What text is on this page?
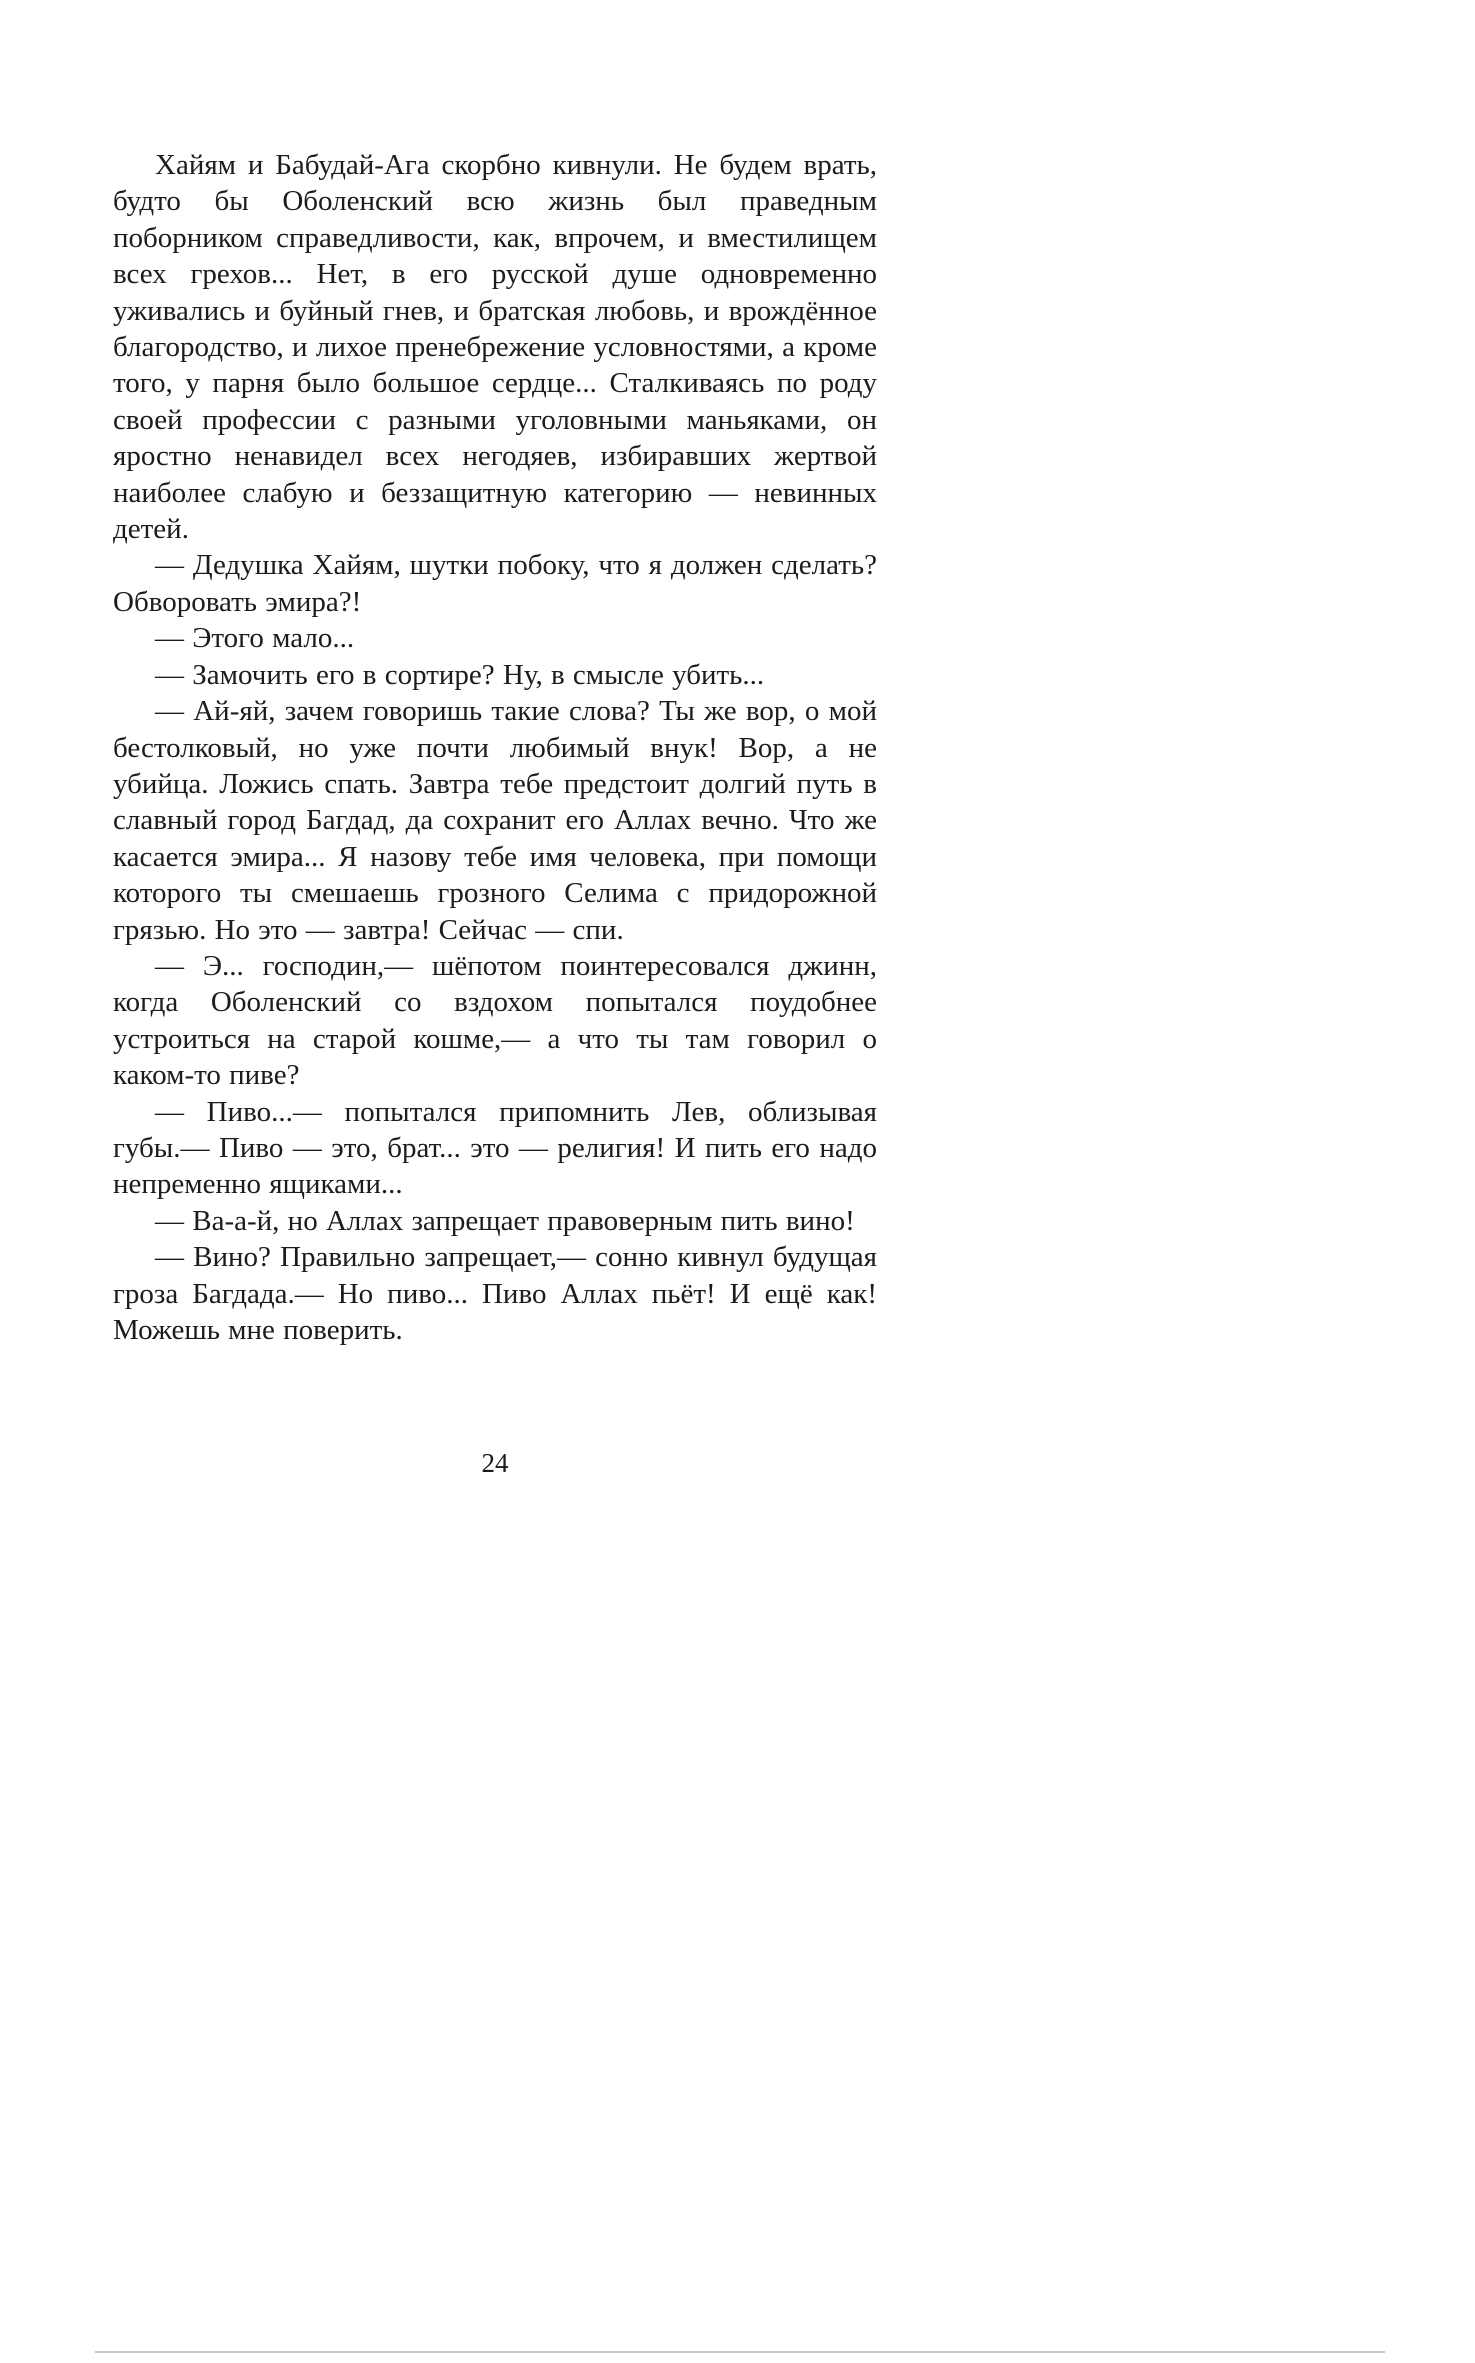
Хайям и Бабудай-Ага скорбно кивнули. Не будем врать, будто бы Оболенский всю жизнь был праведным поборником справедливости, как, впрочем, и вместилищем всех грехов... Нет, в его русской душе одновременно уживались и буйный гнев, и братская любовь, и врождённое благородство, и лихое пренебрежение условностями, а кроме того, у парня было большое сердце... Сталкиваясь по роду своей профессии с разными уголовными маньяками, он яростно ненавидел всех негодяев, избиравших жертвой наиболее слабую и беззащитную категорию — невинных детей.

— Дедушка Хайям, шутки побоку, что я должен сделать? Обворовать эмира?!

— Этого мало...

— Замочить его в сортире? Ну, в смысле убить...

— Ай-яй, зачем говоришь такие слова? Ты же вор, о мой бестолковый, но уже почти любимый внук! Вор, а не убийца. Ложись спать. Завтра тебе предстоит долгий путь в славный город Багдад, да сохранит его Аллах вечно. Что же касается эмира... Я назову тебе имя человека, при помощи которого ты смешаешь грозного Селима с придорожной грязью. Но это — завтра! Сейчас — спи.

— Э... господин,— шёпотом поинтересовался джинн, когда Оболенский со вздохом попытался поудобнее устроиться на старой кошме,— а что ты там говорил о каком-то пиве?

— Пиво...— попытался припомнить Лев, облизывая губы.— Пиво — это, брат... это — религия! И пить его надо непременно ящиками...

— Ва-а-й, но Аллах запрещает правоверным пить вино!

— Вино? Правильно запрещает,— сонно кивнул будущая гроза Багдада.— Но пиво... Пиво Аллах пьёт! И ещё как! Можешь мне поверить.

24
